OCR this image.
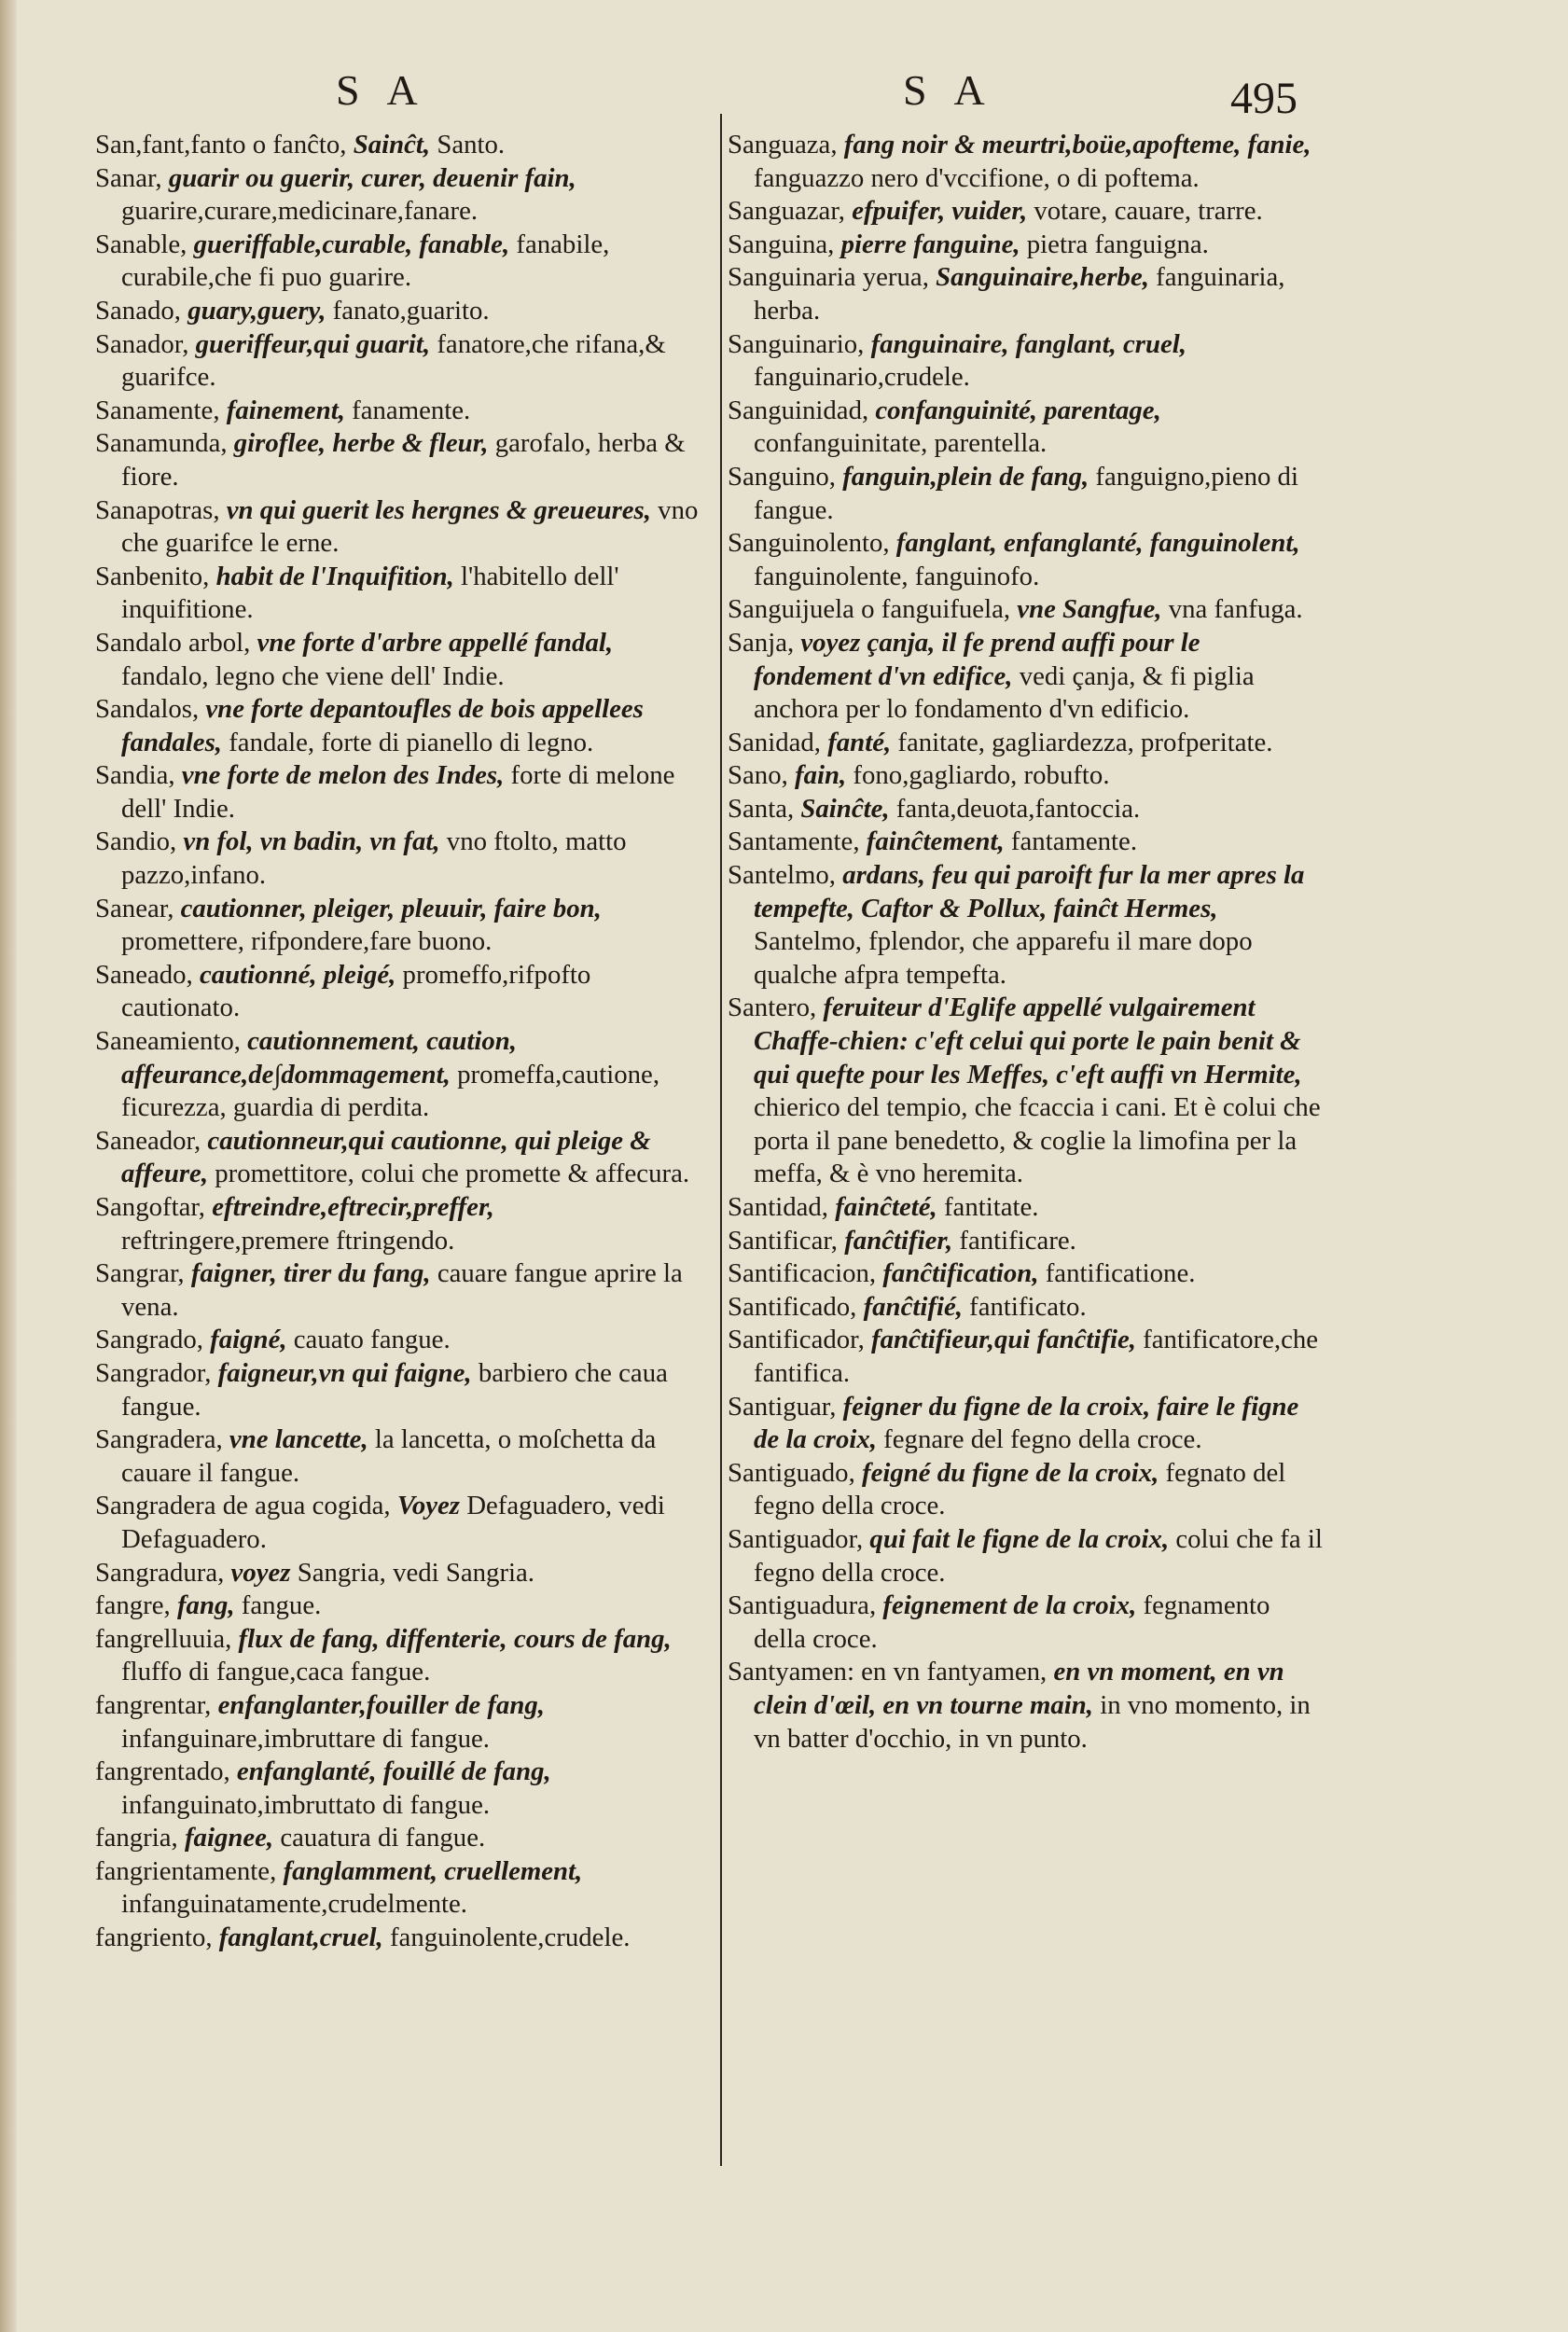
S A	S A	495

San,fant,fanto o fanĉto, Sainĉt, Santo.

Sanar, guarir ou guerir, curer, deuenir fain, guarire,curare,medicinare,fanare.

Sanable, gueriffable,curable, fanable, fanabile, curabile,che fi puo guarire.

Sanado, guary,guery, fanato,guarito.

Sanador, gueriffeur,qui guarit, fanatore,che rifana,& guarifce.

Sanamente, fainement, fanamente.

Sanamunda, giroflee, herbe & fleur, garofalo, herba & fiore.

Sanapotras, vn qui guerit les hergnes & greueures, vno che guarifce le erne.

Sanbenito, habit de l'Inquifition, l'habitello dell' inquifitione.

Sandalo arbol, vne forte d'arbre appellé fandal, fandalo, legno che viene dell' Indie.

Sandalos, vne forte depantoufles de bois appellees fandales, fandale, forte di pianello di legno.

Sandia, vne forte de melon des Indes, forte di melone dell' Indie.

Sandio, vn fol, vn badin, vn fat, vno ftolto, matto pazzo,infano.

Sanear, cautionner, pleiger, pleuuir, faire bon, promettere, rifpondere,fare buono.

Saneado, cautionné, pleigé, promeffo,rifpofto cautionato.

Saneamiento, cautionnement, caution, affeurance,de∫dommagement, promeffa,cautione, ficurezza, guardia di perdita.

Saneador, cautionneur,qui cautionne, qui pleige & affeure, promettitore, colui che promette & affecura.

Sangoftar, eftreindre,eftrecir,preffer, reftringere,premere ftringendo.

Sangrar, faigner, tirer du fang, cauare fangue aprire la vena.

Sangrado, faigné, cauato fangue.

Sangrador, faigneur,vn qui faigne, barbiero che caua fangue.

Sangradera, vne lancette, la lancetta, o moſchetta da cauare il fangue.

Sangradera de agua cogida, Voyez Defaguadero, vedi Defaguadero.

Sangradura, voyez Sangria, vedi Sangria.

fangre, fang, fangue.

fangrelluuia, flux de fang, diffenterie, cours de fang, fluffo di fangue,caca fangue.

fangrentar, enfanglanter,fouiller de fang, infanguinare,imbruttare di fangue.

fangrentado, enfanglanté, fouillé de fang, infanguinato,imbruttato di fangue.

fangria, faignee, cauatura di fangue.

fangrientamente, fanglamment, cruellement, infanguinatamente,crudelmente.

fangriento, fanglant,cruel, fanguinolente,crudele.

Sanguaza, fang noir & meurtri,boüe,apofteme, fanie, fanguazzo nero d'vccifione, o di poftema.

Sanguazar, efpuifer, vuider, votare, cauare, trarre.

Sanguina, pierre fanguine, pietra fanguigna.

Sanguinaria yerua, Sanguinaire,herbe, fanguinaria, herba.

Sanguinario, fanguinaire, fanglant, cruel, fanguinario,crudele.

Sanguinidad, confanguinité, parentage, confanguinitate, parentella.

Sanguino, fanguin,plein de fang, fanguigno,pieno di fangue.

Sanguinolento, fanglant, enfanglanté, fanguinolent, fanguinolente, fanguinofo.

Sanguijuela o fanguifuela, vne Sangfue, vna fanfuga.

Sanja, voyez çanja, il fe prend auffi pour le fondement d'vn edifice, vedi çanja, & fi piglia anchora per lo fondamento d'vn edificio.

Sanidad, fanté, fanitate, gagliardezza, profperitate.

Sano, fain, fono,gagliardo, robufto.

Santa, Sainĉte, fanta,deuota,fantoccia.

Santamente, fainĉtement, fantamente.

Santelmo, ardans, feu qui paroift fur la mer apres la tempefte, Caftor & Pollux, fainĉt Hermes, Santelmo, fplendor, che apparefu il mare dopo qualche afpra tempefta.

Santero, feruiteur d'Eglife appellé vulgairement Chaffe-chien: c'eft celui qui porte le pain benit & qui quefte pour les Meffes, c'eft auffi vn Hermite, chierico del tempio, che fcaccia i cani. Et è colui che porta il pane benedetto, & coglie la limofina per la meffa, & è vno heremita.

Santidad, fainĉteté, fantitate.

Santificar, fanĉtifier, fantificare.

Santificacion, fanĉtification, fantificatione.

Santificado, fanĉtifié, fantificato.

Santificador, fanĉtifieur,qui fanĉtifie, fantificatore,che fantifica.

Santiguar, feigner du figne de la croix, faire le figne de la croix, fegnare del fegno della croce.

Santiguado, feigné du figne de la croix, fegnato del fegno della croce.

Santiguador, qui fait le figne de la croix, colui che fa il fegno della croce.

Santiguadura, feignement de la croix, fegnamento della croce.

Santyamen: en vn fantyamen, en vn moment, en vn clein d'œil, en vn tourne main, in vno momento, in vn batter d'occhio, in vn punto.
